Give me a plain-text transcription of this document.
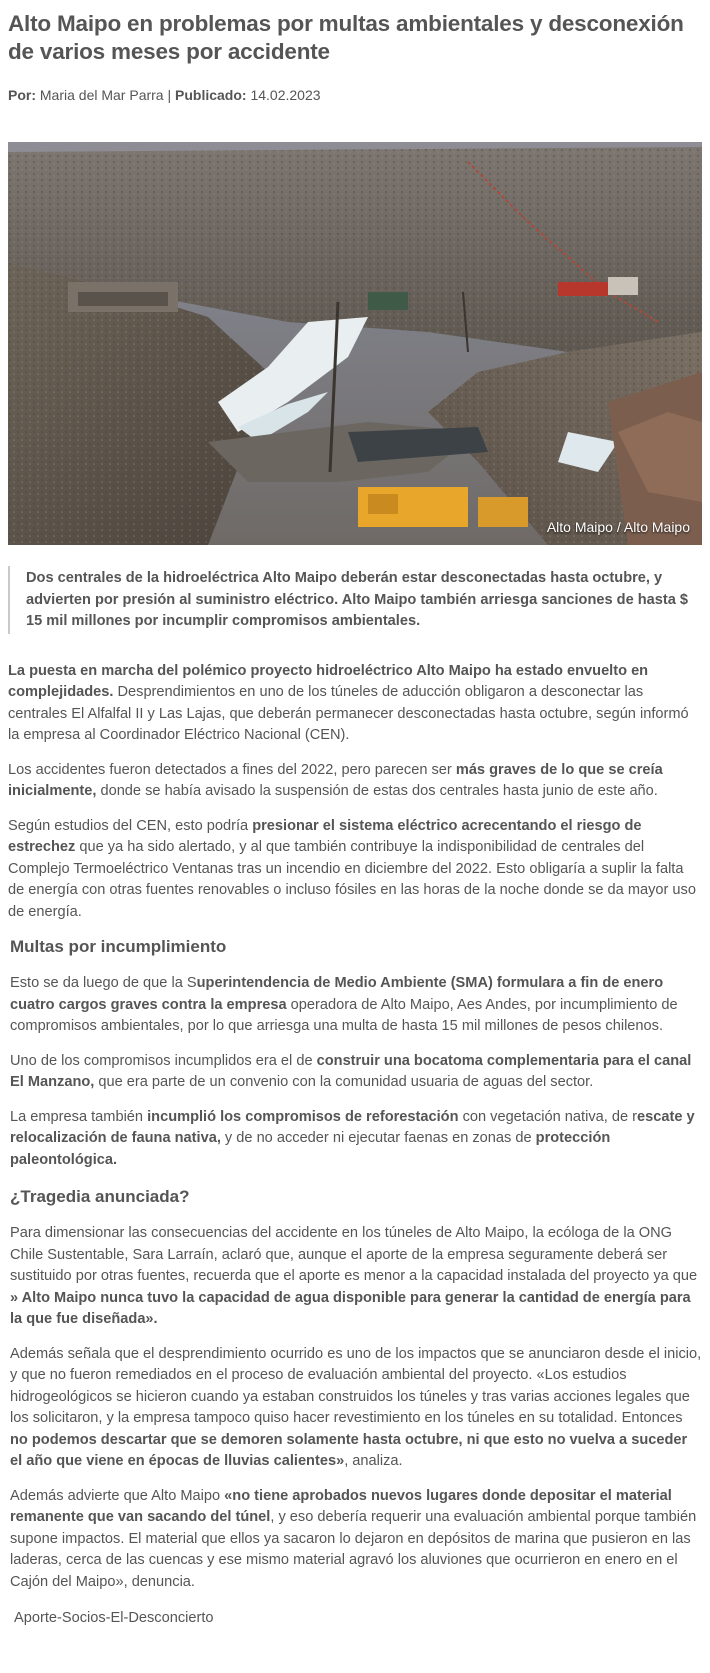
Alto Maipo en problemas por multas ambientales y desconexión de varios meses por accidente
Por: Maria del Mar Parra | Publicado: 14.02.2023
Alto Maipo / Alto Maipo
Dos centrales de la hidroeléctrica Alto Maipo deberán estar desconectadas hasta octubre, y advierten por presión al suministro eléctrico. Alto Maipo también arriesga sanciones de hasta $ 15 mil millones por incumplir compromisos ambientales.

La puesta en marcha del polémico proyecto hidroeléctrico Alto Maipo ha estado envuelto en complejidades. Desprendimientos en uno de los túneles de aducción obligaron a desconectar las centrales El Alfalfal II y Las Lajas, que deberán permanecer desconectadas hasta octubre, según informó la empresa al Coordinador Eléctrico Nacional (CEN).

Los accidentes fueron detectados a fines del 2022, pero parecen ser más graves de lo que se creía inicialmente, donde se había avisado la suspensión de estas dos centrales hasta junio de este año.

Según estudios del CEN, esto podría presionar el sistema eléctrico acrecentando el riesgo de estrechez que ya ha sido alertado, y al que también contribuye la indisponibilidad de centrales del Complejo Termoeléctrico Ventanas tras un incendio en diciembre del 2022. Esto obligaría a suplir la falta de energía con otras fuentes renovables o incluso fósiles en las horas de la noche donde se da mayor uso de energía.

Multas por incumplimiento

Esto se da luego de que la Superintendencia de Medio Ambiente (SMA) formulara a fin de enero cuatro cargos graves contra la empresa operadora de Alto Maipo, Aes Andes, por incumplimiento de compromisos ambientales, por lo que arriesga una multa de hasta 15 mil millones de pesos chilenos.

Uno de los compromisos incumplidos era el de construir una bocatoma complementaria para el canal El Manzano, que era parte de un convenio con la comunidad usuaria de aguas del sector.

La empresa también incumplió los compromisos de reforestación con vegetación nativa, de rescate y relocalización de fauna nativa, y de no acceder ni ejecutar faenas en zonas de protección paleontológica.

¿Tragedia anunciada?

Para dimensionar las consecuencias del accidente en los túneles de Alto Maipo, la ecóloga de la ONG Chile Sustentable, Sara Larraín, aclaró que, aunque el aporte de la empresa seguramente deberá ser sustituido por otras fuentes, recuerda que el aporte es menor a la capacidad instalada del proyecto ya que » Alto Maipo nunca tuvo la capacidad de agua disponible para generar la cantidad de energía para la que fue diseñada».

Además señala que el desprendimiento ocurrido es uno de los impactos que se anunciaron desde el inicio, y que no fueron remediados en el proceso de evaluación ambiental del proyecto. «Los estudios hidrogeológicos se hicieron cuando ya estaban construidos los túneles y tras varias acciones legales que los solicitaron, y la empresa tampoco quiso hacer revestimiento en los túneles en su totalidad. Entonces no podemos descartar que se demoren solamente hasta octubre, ni que esto no vuelva a suceder el año que viene en épocas de lluvias calientes», analiza.

Además advierte que Alto Maipo «no tiene aprobados nuevos lugares donde depositar el material remanente que van sacando del túnel, y eso debería requerir una evaluación ambiental porque también supone impactos. El material que ellos ya sacaron lo dejaron en depósitos de marina que pusieron en las laderas, cerca de las cuencas y ese mismo material agravó los aluviones que ocurrieron en enero en el Cajón del Maipo», denuncia.

Aporte-Socios-El-Desconcierto
